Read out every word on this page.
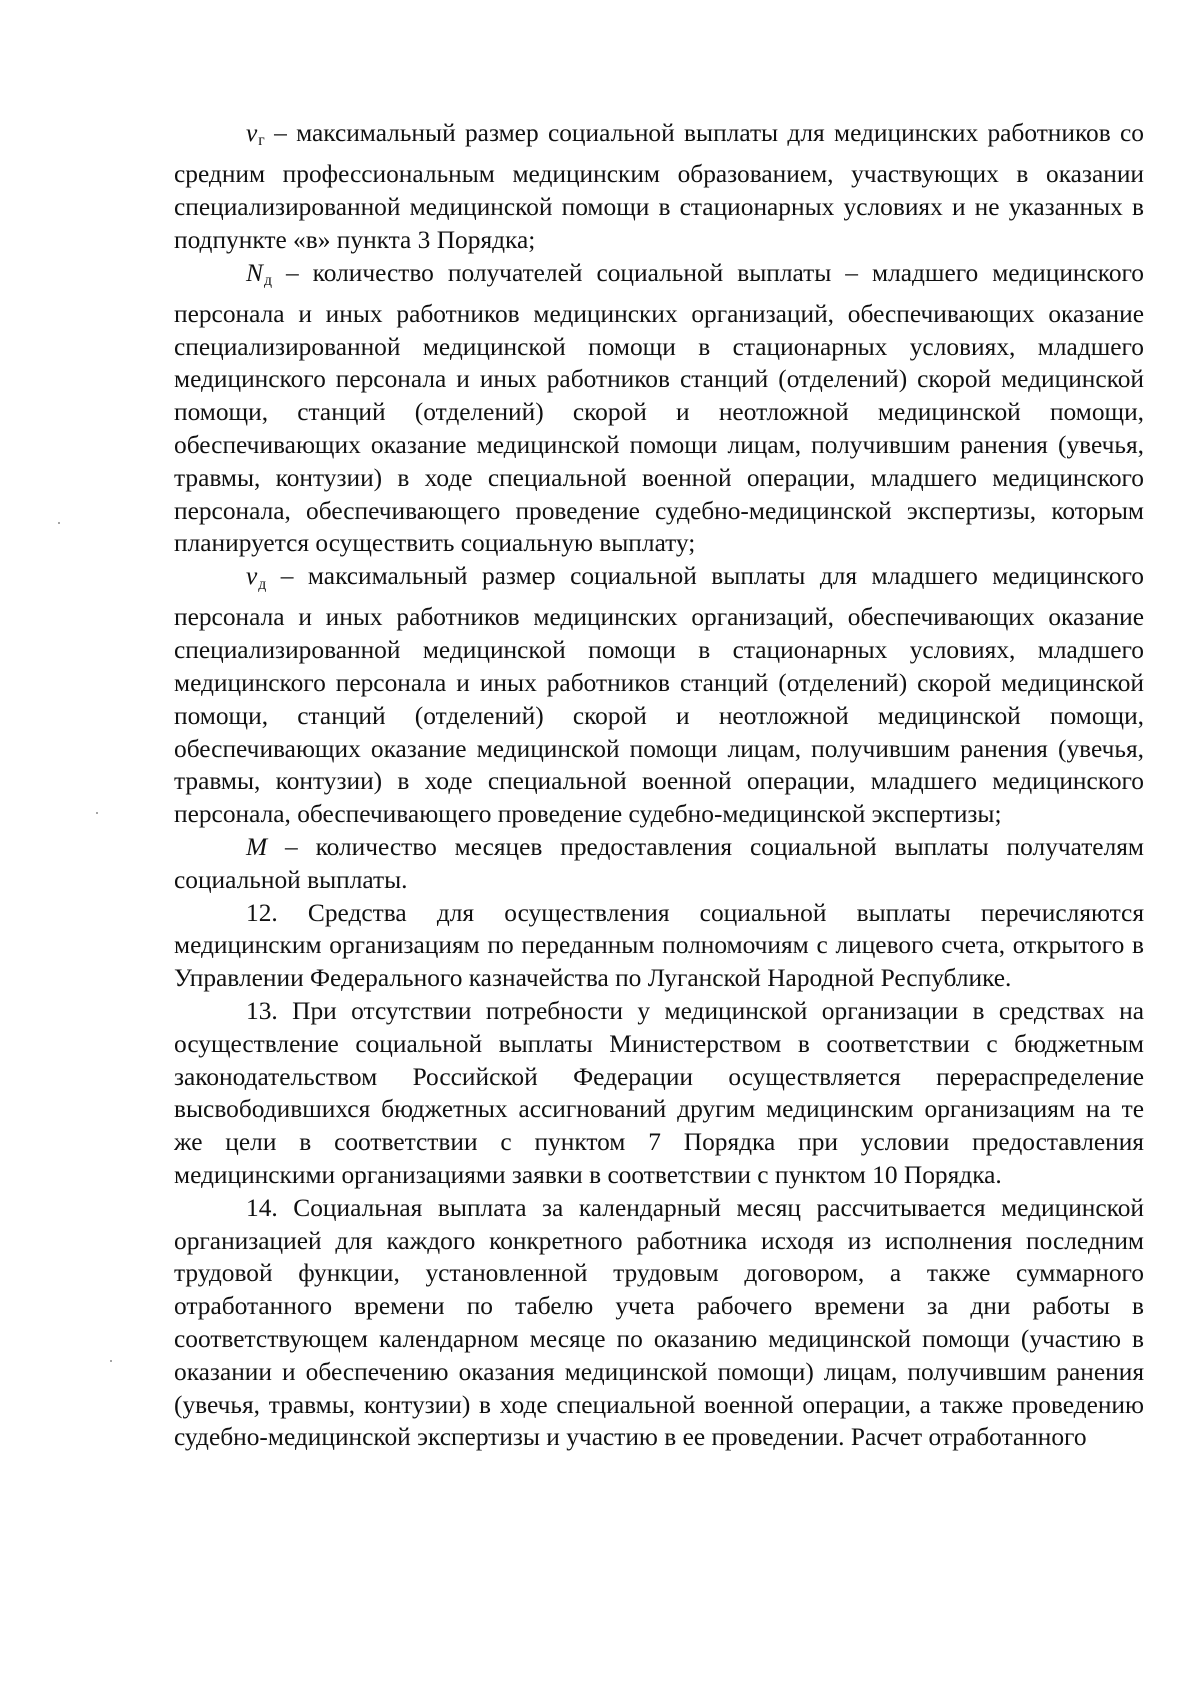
$v_г$ – максимальный размер социальной выплаты для медицинских работников со средним профессиональным медицинским образованием, участвующих в оказании специализированной медицинской помощи в стационарных условиях и не указанных в подпункте «в» пункта 3 Порядка;

$N_д$ – количество получателей социальной выплаты – младшего медицинского персонала и иных работников медицинских организаций, обеспечивающих оказание специализированной медицинской помощи в стационарных условиях, младшего медицинского персонала и иных работников станций (отделений) скорой медицинской помощи, станций (отделений) скорой и неотложной медицинской помощи, обеспечивающих оказание медицинской помощи лицам, получившим ранения (увечья, травмы, контузии) в ходе специальной военной операции, младшего медицинского персонала, обеспечивающего проведение судебно-медицинской экспертизы, которым планируется осуществить социальную выплату;

$v_д$ – максимальный размер социальной выплаты для младшего медицинского персонала и иных работников медицинских организаций, обеспечивающих оказание специализированной медицинской помощи в стационарных условиях, младшего медицинского персонала и иных работников станций (отделений) скорой медицинской помощи, станций (отделений) скорой и неотложной медицинской помощи, обеспечивающих оказание медицинской помощи лицам, получившим ранения (увечья, травмы, контузии) в ходе специальной военной операции, младшего медицинского персонала, обеспечивающего проведение судебно-медицинской экспертизы;

M – количество месяцев предоставления социальной выплаты получателям социальной выплаты.

12. Средства для осуществления социальной выплаты перечисляются медицинским организациям по переданным полномочиям с лицевого счета, открытого в Управлении Федерального казначейства по Луганской Народной Республике.

13. При отсутствии потребности у медицинской организации в средствах на осуществление социальной выплаты Министерством в соответствии с бюджетным законодательством Российской Федерации осуществляется перераспределение высвободившихся бюджетных ассигнований другим медицинским организациям на те же цели в соответствии с пунктом 7 Порядка при условии предоставления медицинскими организациями заявки в соответствии с пунктом 10 Порядка.

14. Социальная выплата за календарный месяц рассчитывается медицинской организацией для каждого конкретного работника исходя из исполнения последним трудовой функции, установленной трудовым договором, а также суммарного отработанного времени по табелю учета рабочего времени за дни работы в соответствующем календарном месяце по оказанию медицинской помощи (участию в оказании и обеспечению оказания медицинской помощи) лицам, получившим ранения (увечья, травмы, контузии) в ходе специальной военной операции, а также проведению судебно-медицинской экспертизы и участию в ее проведении. Расчет отработанного
